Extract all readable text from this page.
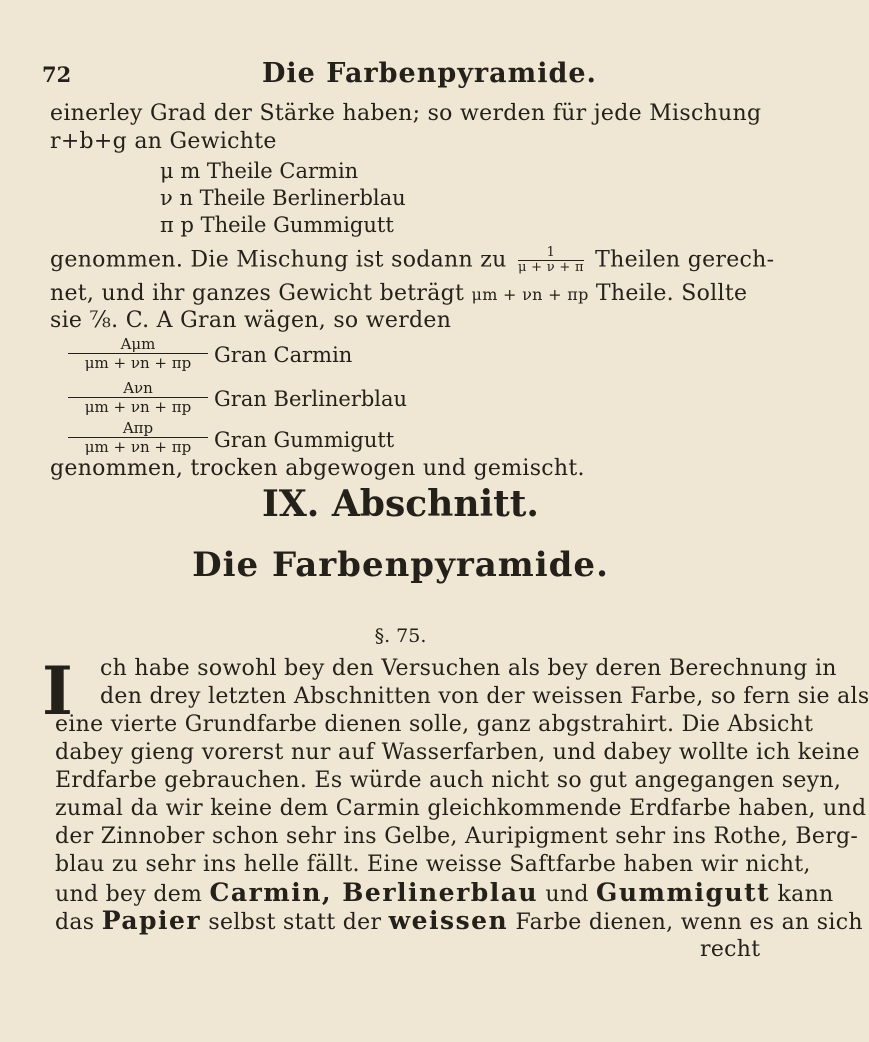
72	Die Farbenpyramide.
einerley Grad der Stärke haben; so werden für jede Mischung
r+b+g an Gewichte
μ m Theile Carmin
ν n Theile Berlinerblau
π p Theile Gummigutt
genommen. Die Mischung ist sodann zu $\frac{1}{\mu + \nu + \pi}$ Theilen gerech-
net, und ihr ganzes Gewicht beträgt μm + νn + πp Theile. Sollte
sie ⅞. C. A Gran wägen, so werden
Aμm
μm + νn + πp	Gran Carmin
Aνn
μm + νn + πp	Gran Berlinerblau
Aπp
μm + νn + πp	Gran Gummigutt
genommen, trocken abgewogen und gemischt.
IX. Abschnitt.
Die Farbenpyramide.
§. 75.
I ch habe sowohl bey den Versuchen als bey deren Berechnung in
den drey letzten Abschnitten von der weissen Farbe, so fern sie als
eine vierte Grundfarbe dienen solle, ganz abgstrahirt. Die Absicht
dabey gieng vorerst nur auf Wasserfarben, und dabey wollte ich keine
Erdfarbe gebrauchen. Es würde auch nicht so gut angegangen seyn,
zumal da wir keine dem Carmin gleichkommende Erdfarbe haben, und
der Zinnober schon sehr ins Gelbe, Auripigment sehr ins Rothe, Berg-
blau zu sehr ins helle fällt. Eine weisse Saftfarbe haben wir nicht,
und bey dem Carmin, Berlinerblau und Gummigutt kann
das Papier selbst statt der weissen Farbe dienen, wenn es an sich
recht
